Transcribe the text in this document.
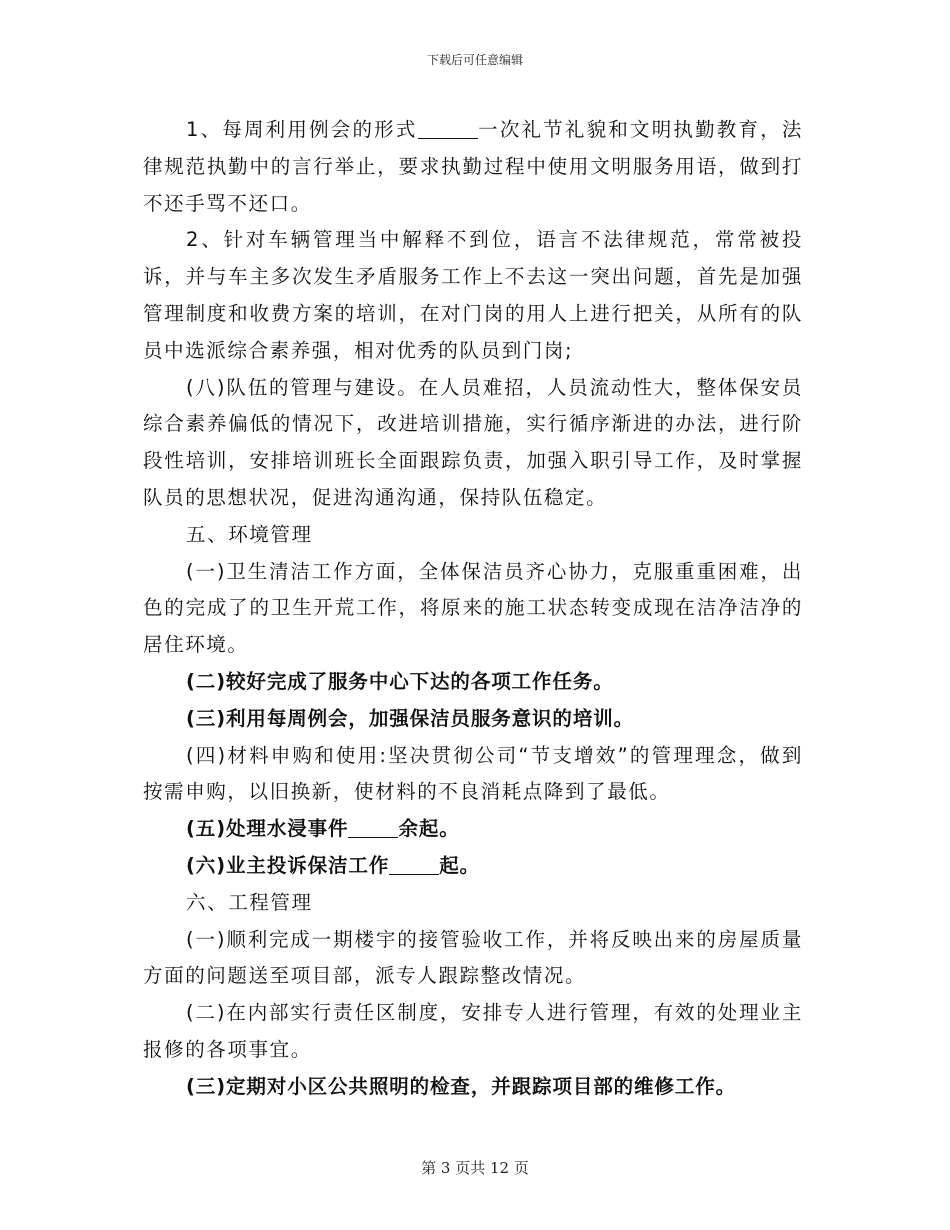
下载后可任意编辑

1、每周利用例会的形式	一次礼节礼貌和文明执勤教育，法律规范执勤中的言行举止，要求执勤过程中使用文明服务用语，做到打不还手骂不还口。

2、针对车辆管理当中解释不到位，语言不法律规范，常常被投诉，并与车主多次发生矛盾服务工作上不去这一突出问题，首先是加强管理制度和收费方案的培训，在对门岗的用人上进行把关，从所有的队员中选派综合素养强，相对优秀的队员到门岗;

(八)队伍的管理与建设。在人员难招，人员流动性大，整体保安员综合素养偏低的情况下，改进培训措施，实行循序渐进的办法，进行阶段性培训，安排培训班长全面跟踪负责，加强入职引导工作，及时掌握队员的思想状况，促进沟通沟通，保持队伍稳定。

五、环境管理

(一)卫生清洁工作方面，全体保洁员齐心协力，克服重重困难，出色的完成了的卫生开荒工作，将原来的施工状态转变成现在洁净洁净的居住环境。

(二)较好完成了服务中心下达的各项工作任务。

(三)利用每周例会，加强保洁员服务意识的培训。

(四)材料申购和使用:坚决贯彻公司“节支增效”的管理理念，做到按需申购，以旧换新，使材料的不良消耗点降到了最低。

(五)处理水浸事件	余起。

(六)业主投诉保洁工作	起。

六、工程管理

(一)顺利完成一期楼宇的接管验收工作，并将反映出来的房屋质量方面的问题送至项目部，派专人跟踪整改情况。

(二)在内部实行责任区制度，安排专人进行管理，有效的处理业主报修的各项事宜。

(三)定期对小区公共照明的检查，并跟踪项目部的维修工作。

第 3 页共 12 页
